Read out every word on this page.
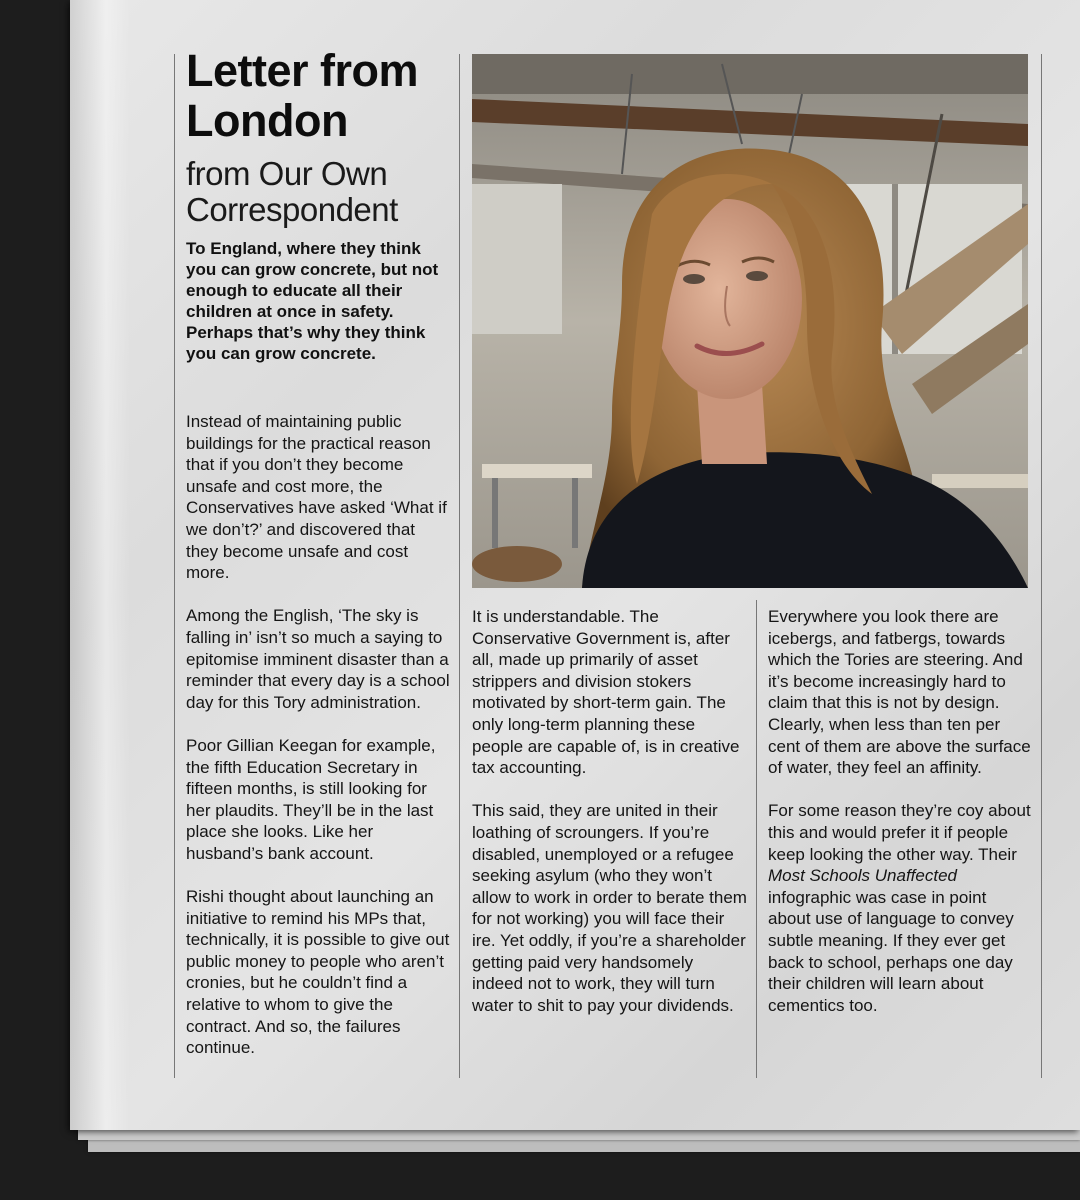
Letter from
London
from Our Own
Correspondent

To England, where they think you can grow concrete, but not enough to educate all their children at once in safety. Perhaps that’s why they think you can grow concrete.

Instead of maintaining public buildings for the practical reason that if you don’t they become unsafe and cost more, the Conservatives have asked ‘What if we don’t?’ and discovered that they become unsafe and cost more.

Among the English, ‘The sky is falling in’ isn’t so much a saying to epitomise imminent disaster than a reminder that every day is a school day for this Tory administration.

Poor Gillian Keegan for example, the fifth Education Secretary in fifteen months, is still looking for her plaudits. They’ll be in the last place she looks. Like her husband’s bank account.

Rishi thought about launching an initiative to remind his MPs that, technically, it is possible to give out public money to people who aren’t cronies, but he couldn’t find a relative to whom to give the contract. And so, the failures continue.

It is understandable. The Conservative Government is, after all, made up primarily of asset strippers and division stokers motivated by short-term gain. The only long-term planning these people are capable of, is in creative tax accounting.

This said, they are united in their loathing of scroungers. If you’re disabled, unemployed or a refugee seeking asylum (who they won’t allow to work in order to berate them for not working) you will face their ire. Yet oddly, if you’re a shareholder getting paid very handsomely indeed not to work, they will turn water to shit to pay your dividends.

Everywhere you look there are icebergs, and fatbergs, towards which the Tories are steering. And it’s become increasingly hard to claim that this is not by design. Clearly, when less than ten per cent of them are above the surface of water, they feel an affinity.

For some reason they’re coy about this and would prefer it if people keep looking the other way. Their Most Schools Unaffected infographic was case in point about use of language to convey subtle meaning. If they ever get back to school, perhaps one day their children will learn about cementics too.
